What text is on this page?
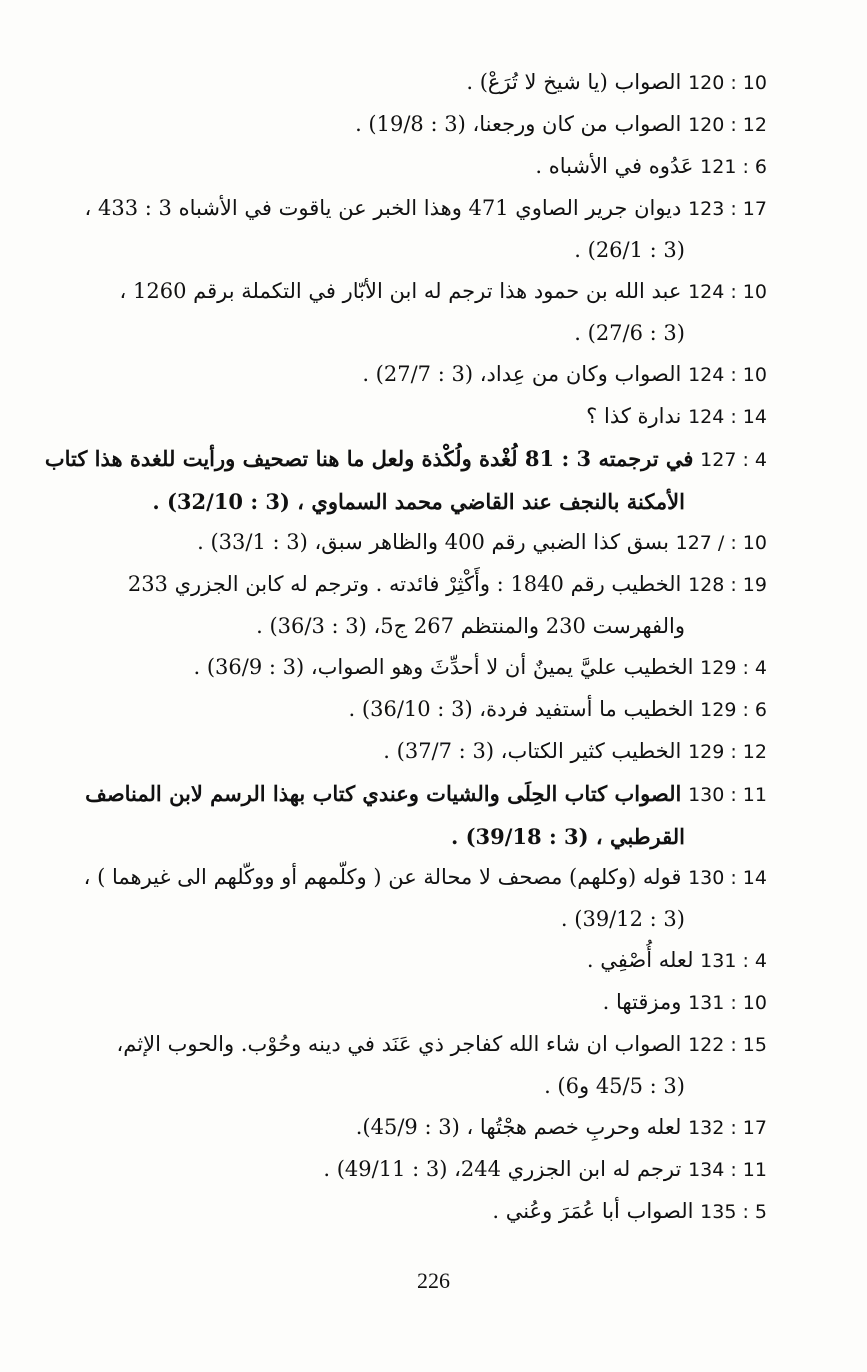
120 : 10 الصواب (يا شيخ لا تُرَعْ) .

120 : 12 الصواب من كان ورجعنا، (3 : 19/8) .

121 : 6 عَدُوه في الأشباه .

123 : 17 ديوان جرير الصاوي 471 وهذا الخبر عن ياقوت في الأشباه 3 : 433 ،
(3 : 26/1) .

124 : 10 عبد الله بن حمود هذا ترجم له ابن الأبّار في التكملة برقم 1260 ،
(3 : 27/6) .

124 : 10 الصواب وكان من عِداد، (3 : 27/7) .

124 : 14 ندارة كذا ؟

127 : 4 في ترجمته 3 : 81 لُغْدة ولُكْذة ولعل ما هنا تصحيف ورأيت للغدة هذا كتاب
الأمكنة بالنجف عند القاضي محمد السماوي ، (3 : 32/10) .

127 / : 10 بسق كذا الضبي رقم 400 والظاهر سبق، (3 : 33/1) .

128 : 19 الخطيب رقم 1840 : وأَكْثِرْ فائدته . وترجم له كابن الجزري 233
والفهرست 230 والمنتظم 267 ج5، (3 : 36/3) .

129 : 4 الخطيب عليَّ يمينٌ أن لا أحدِّثَ وهو الصواب، (3 : 36/9) .

129 : 6 الخطيب ما أستفيد فردة، (3 : 36/10) .

129 : 12 الخطيب كثير الكتاب، (3 : 37/7) .

130 : 11 الصواب كتاب الحِلَى والشيات وعندي كتاب بهذا الرسم لابن المناصف
القرطبي ، (3 : 39/18) .

130 : 14 قوله (وكلهم) مصحف لا محالة عن ( وكلّمهم أو ووكّلهم الى غيرهما ) ،
(3 : 39/12) .

131 : 4 لعله أُصْفِي .

131 : 10 ومزقتها .

122 : 15 الصواب ان شاء الله كفاجر ذي عَنَد في دينه وحُوْب. والحوب الإثم،
(3 : 45/5 و6) .

132 : 17 لعله وحربِ خصم هجْتُها ، (3 : 45/9).

134 : 11 ترجم له ابن الجزري 244، (3 : 49/11) .

135 : 5 الصواب أبا عُمَرَ وعُني .

226
